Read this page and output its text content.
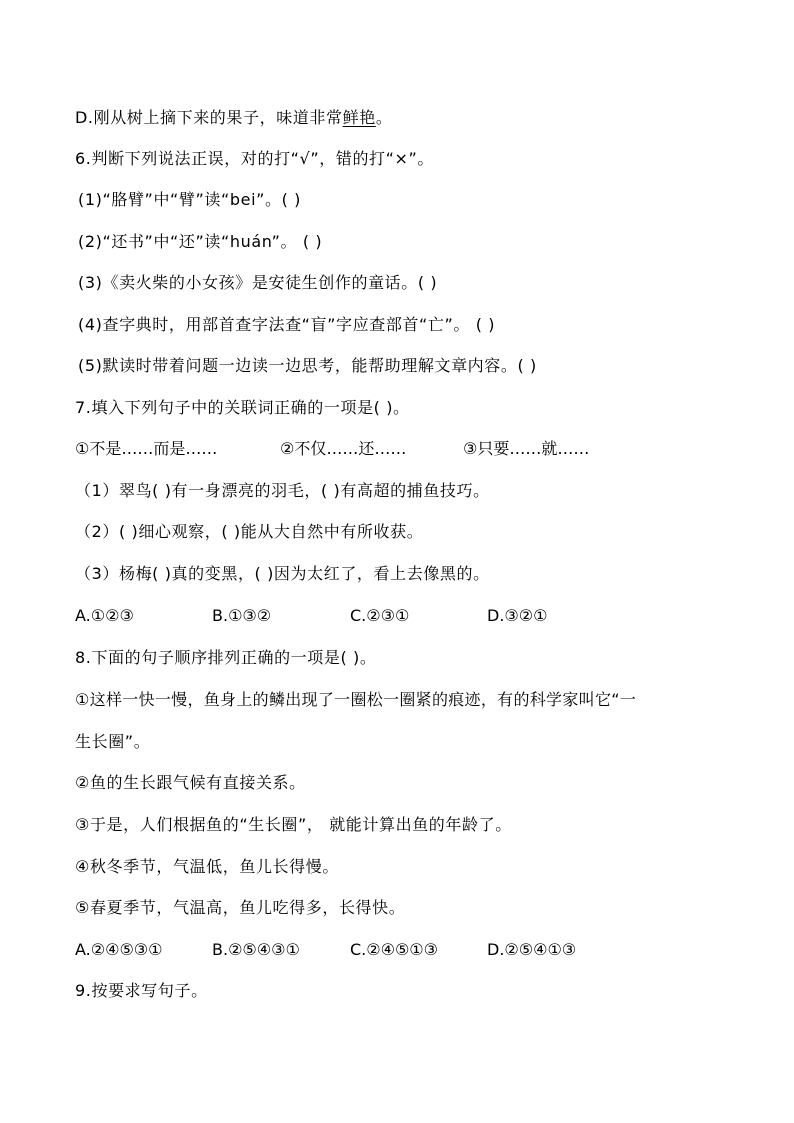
D.刚从树上摘下来的果子，味道非常鲜艳。
6.判断下列说法正误，对的打“√”，错的打“×”。
(1)“胳臂”中“臂”读“bei”。( )
(2)“还书”中“还”读“huán”。 ( )
(3)《卖火柴的小女孩》是安徒生创作的童话。( )
(4)查字典时，用部首查字法查“盲”字应查部首“亡”。 ( )
(5)默读时带着问题一边读一边思考，能帮助理解文章内容。( )
7.填入下列句子中的关联词正确的一项是( )。
①不是……而是……	②不仅……还……	③只要……就……
（1）翠鸟( )有一身漂亮的羽毛，( )有高超的捕鱼技巧。
（2）( )细心观察，( )能从大自然中有所收获。
（3）杨梅( )真的变黑，( )因为太红了，看上去像黑的。
A.①②③	B.①③②	C.②③①	D.③②①
8.下面的句子顺序排列正确的一项是( )。
①这样一快一慢，鱼身上的鳞出现了一圈松一圈紧的痕迹，有的科学家叫它“一
生长圈”。
②鱼的生长跟气候有直接关系。
③于是，人们根据鱼的“生长圈”， 就能计算出鱼的年龄了。
④秋冬季节，气温低，鱼儿长得慢。
⑤春夏季节，气温高，鱼儿吃得多，长得快。
A.②④⑤③①	B.②⑤④③①	C.②④⑤①③	D.②⑤④①③
9.按要求写句子。
